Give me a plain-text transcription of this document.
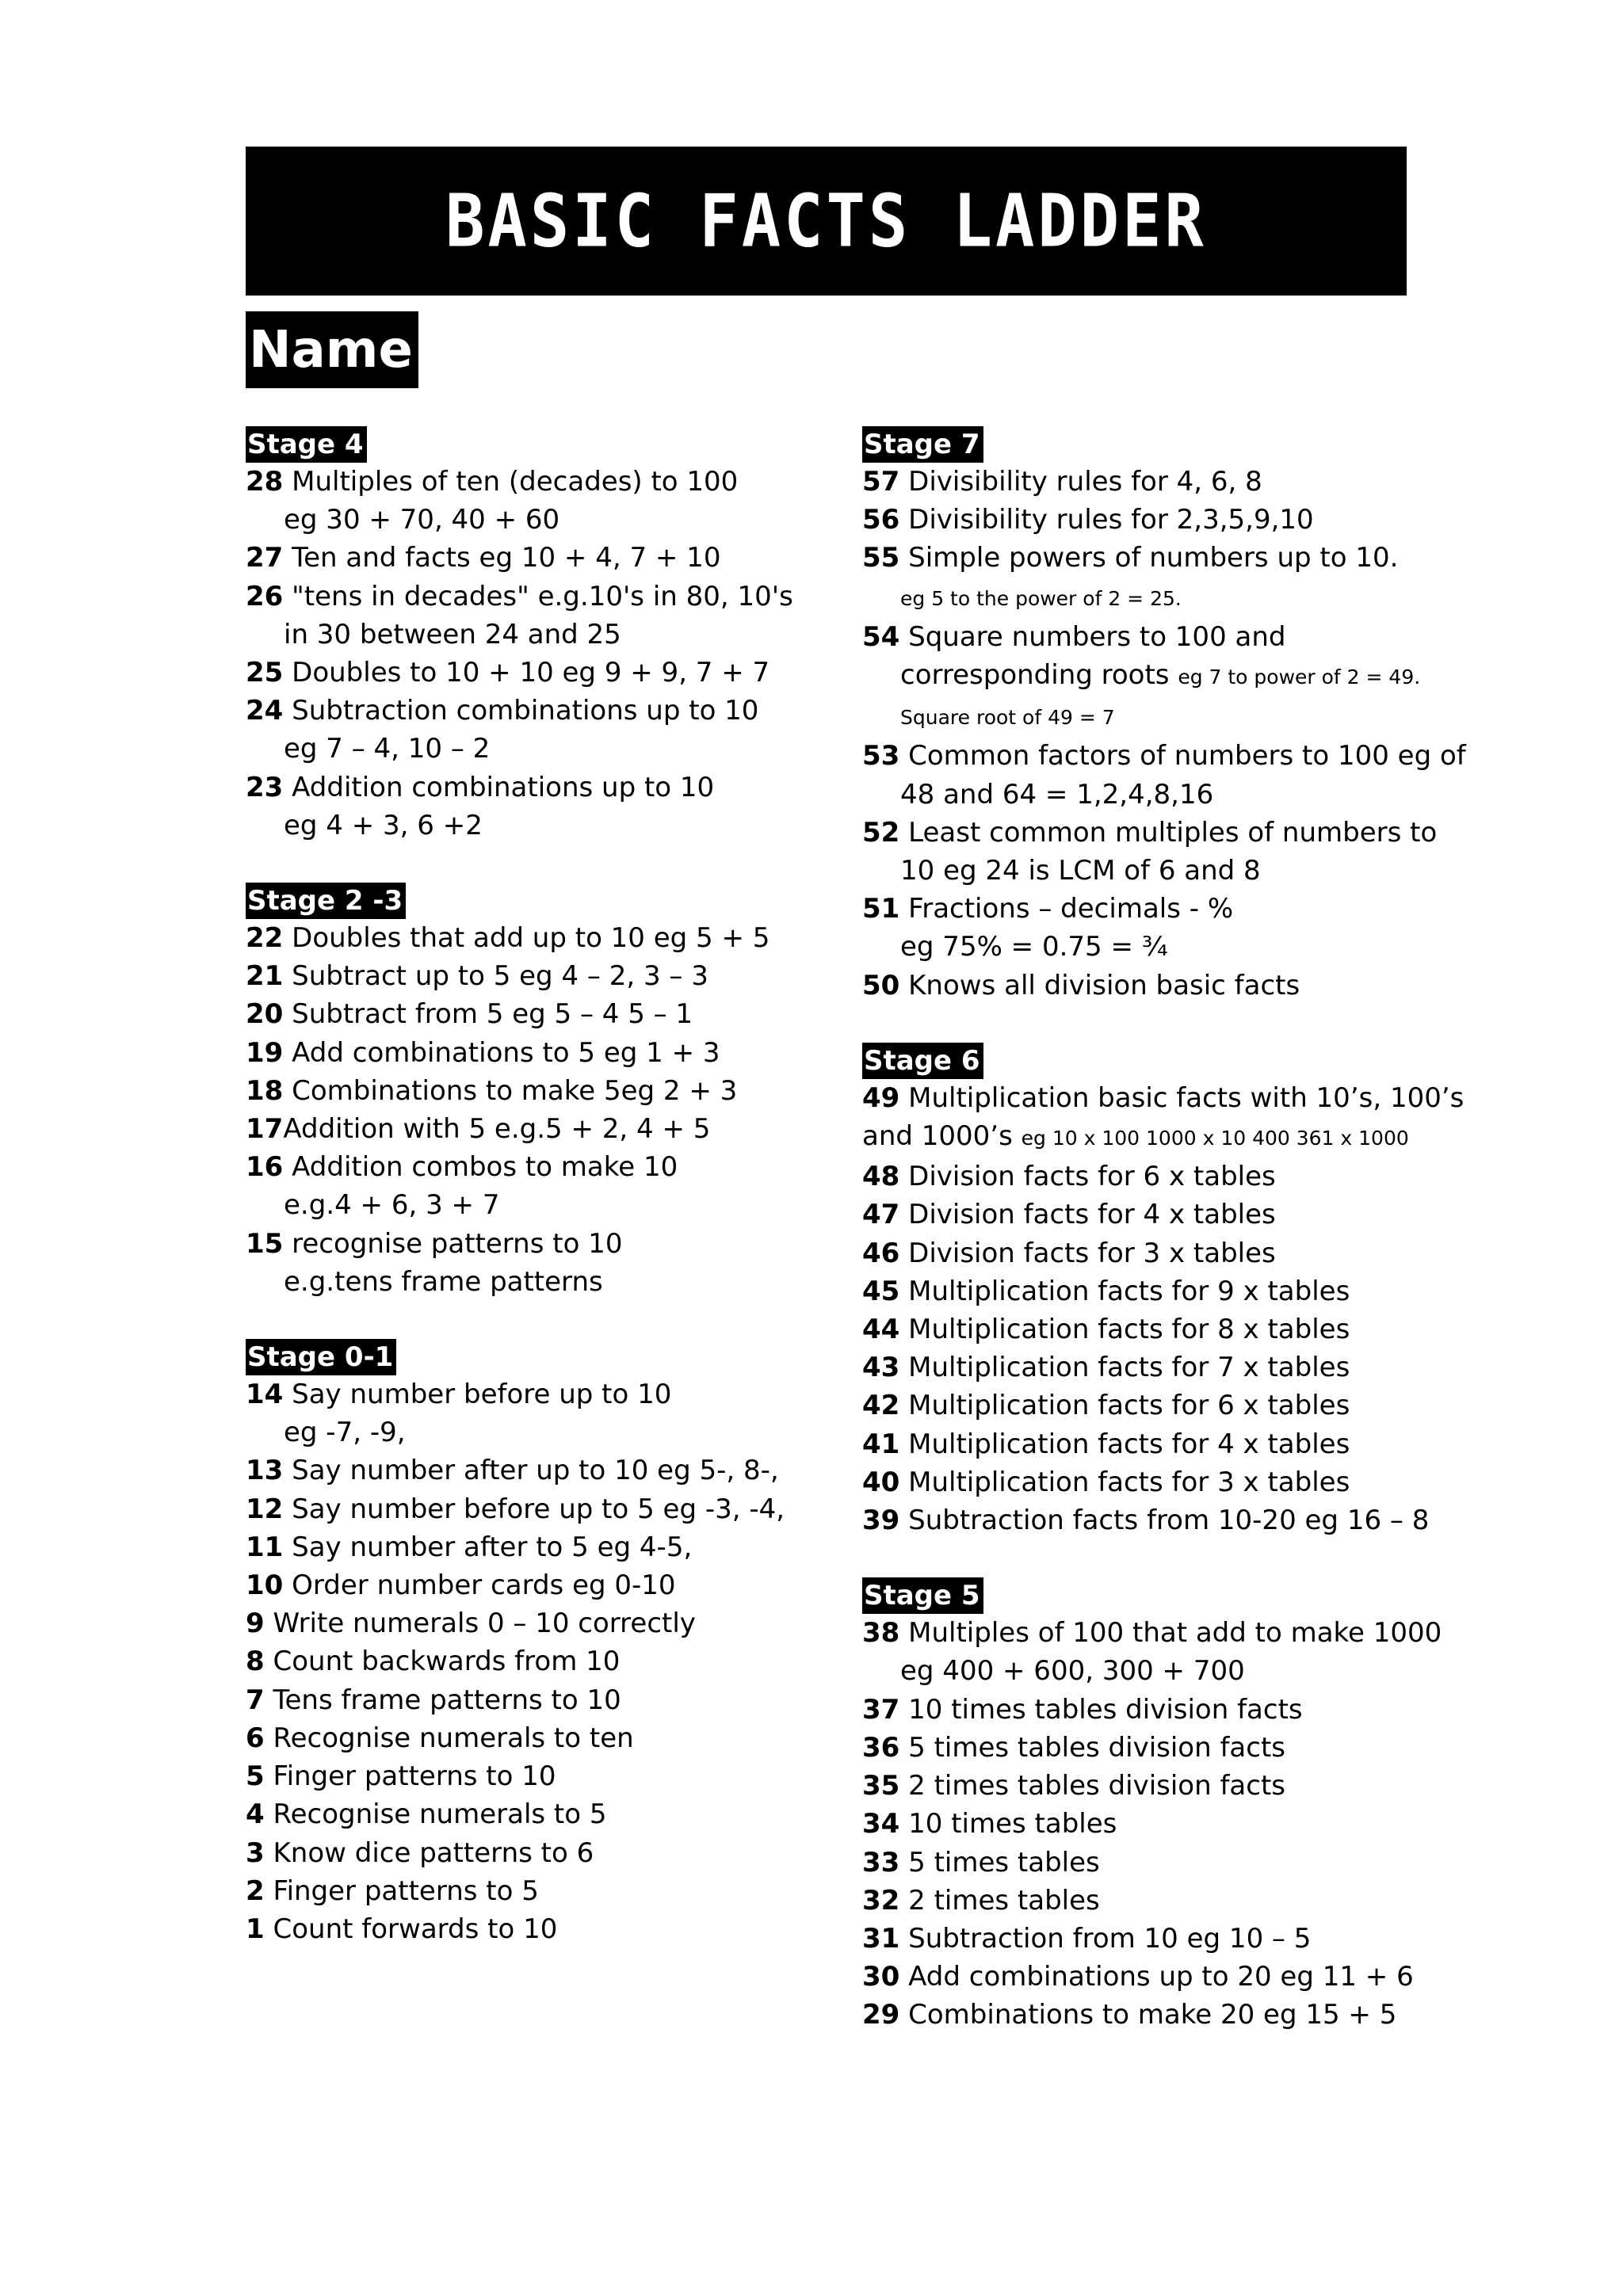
BASIC FACTS LADDER
Name
Stage 4
28 Multiples of ten (decades) to 100
eg 30 + 70, 40 + 60
27 Ten and facts eg 10 + 4, 7 + 10
26 "tens in decades" e.g.10's in 80, 10's
in 30 between 24 and 25
25 Doubles to 10 + 10 eg 9 + 9, 7 + 7
24 Subtraction combinations up to 10
eg 7 – 4, 10 – 2
23 Addition combinations up to 10
eg 4 + 3, 6 +2
Stage 2 -3
22 Doubles that add up to 10 eg 5 + 5
21 Subtract up to 5 eg 4 – 2, 3 – 3
20 Subtract from 5 eg 5 – 4 5 – 1
19 Add combinations to 5 eg 1 + 3
18 Combinations to make 5eg 2 + 3
17Addition with 5 e.g.5 + 2, 4 + 5
16 Addition combos to make 10
e.g.4 + 6, 3 + 7
15 recognise patterns to 10
e.g.tens frame patterns
Stage 0-1
14 Say number before up to 10
eg -7, -9,
13 Say number after up to 10 eg 5-, 8-,
12 Say number before up to 5 eg -3, -4,
11 Say number after to 5 eg 4-5,
10 Order number cards eg 0-10
9 Write numerals 0 – 10 correctly
8 Count backwards from 10
7 Tens frame patterns to 10
6 Recognise numerals to ten
5 Finger patterns to 10
4 Recognise numerals to 5
3 Know dice patterns to 6
2 Finger patterns to 5
1 Count forwards to 10
Stage 7
57 Divisibility rules for 4, 6, 8
56 Divisibility rules for 2,3,5,9,10
55 Simple powers of numbers up to 10.
eg 5 to the power of 2 = 25.
54 Square numbers to 100 and
corresponding roots eg 7 to power of 2 = 49.
Square root of 49 = 7
53 Common factors of numbers to 100 eg of
48 and 64 = 1,2,4,8,16
52 Least common multiples of numbers to
10 eg 24 is LCM of 6 and 8
51 Fractions – decimals - %
eg 75% = 0.75 = ¾
50 Knows all division basic facts
Stage 6
49 Multiplication basic facts with 10’s, 100’s
and 1000’s eg 10 x 100 1000 x 10 400 361 x 1000
48 Division facts for 6 x tables
47 Division facts for 4 x tables
46 Division facts for 3 x tables
45 Multiplication facts for 9 x tables
44 Multiplication facts for 8 x tables
43 Multiplication facts for 7 x tables
42 Multiplication facts for 6 x tables
41 Multiplication facts for 4 x tables
40 Multiplication facts for 3 x tables
39 Subtraction facts from 10-20 eg 16 – 8
Stage 5
38 Multiples of 100 that add to make 1000
eg 400 + 600, 300 + 700
37 10 times tables division facts
36 5 times tables division facts
35 2 times tables division facts
34 10 times tables
33 5 times tables
32 2 times tables
31 Subtraction from 10 eg 10 – 5
30 Add combinations up to 20 eg 11 + 6
29 Combinations to make 20 eg 15 + 5
